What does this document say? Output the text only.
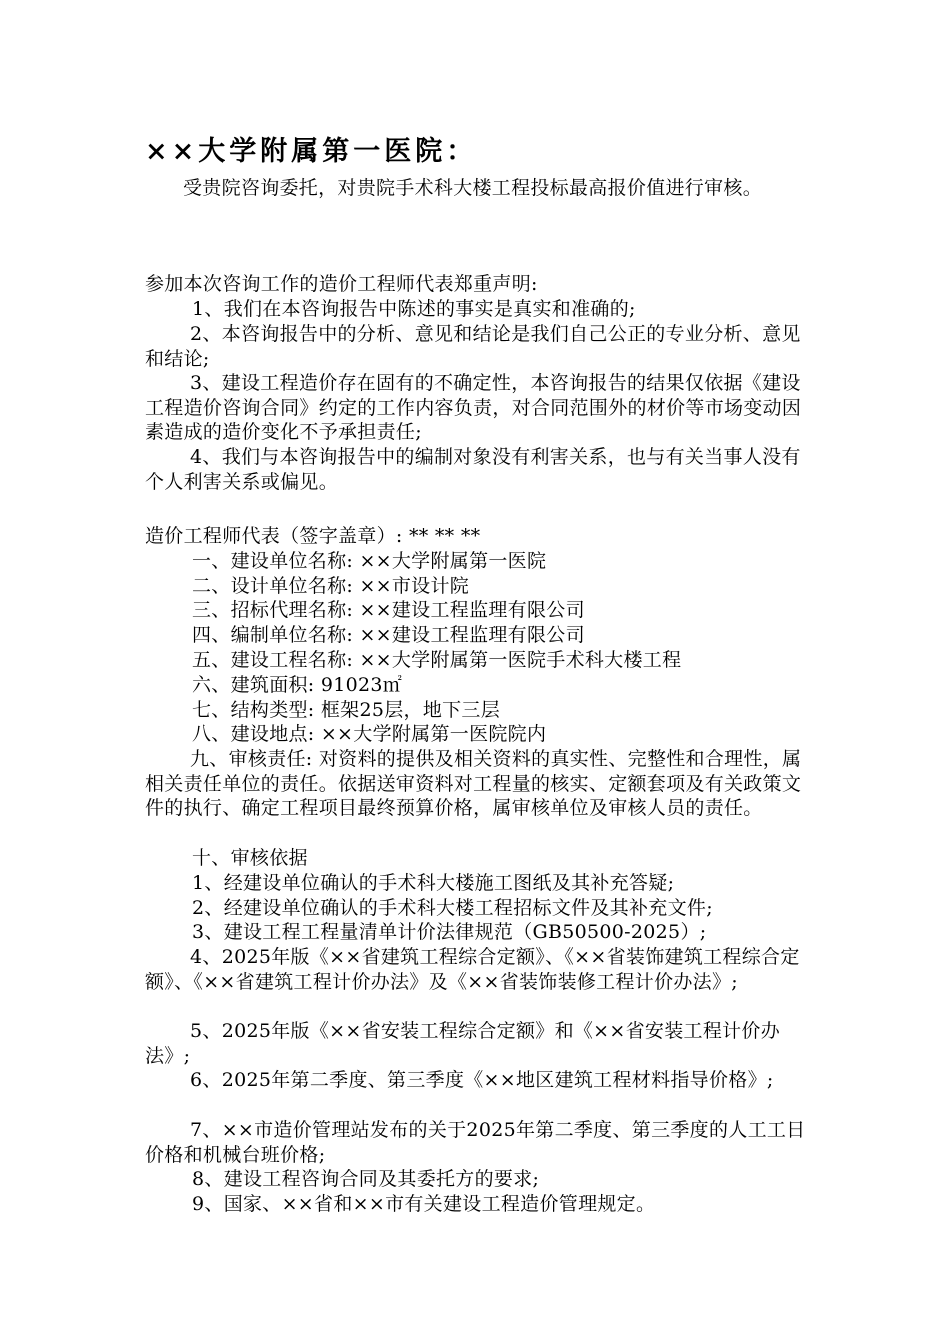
××大学附属第一医院：
受贵院咨询委托，对贵院手术科大楼工程投标最高报价值进行审核。
参加本次咨询工作的造价工程师代表郑重声明:
1、我们在本咨询报告中陈述的事实是真实和准确的;
2、本咨询报告中的分析、意见和结论是我们自己公正的专业分析、意见和结论;
3、建设工程造价存在固有的不确定性，本咨询报告的结果仅依据《建设工程造价咨询合同》约定的工作内容负责，对合同范围外的材价等市场变动因素造成的造价变化不予承担责任;
4、我们与本咨询报告中的编制对象没有利害关系，也与有关当事人没有个人利害关系或偏见。
造价工程师代表（签字盖章）: ** ** **
一、建设单位名称: ××大学附属第一医院
二、设计单位名称: ××市设计院
三、招标代理名称: ××建设工程监理有限公司
四、编制单位名称: ××建设工程监理有限公司
五、建设工程名称: ××大学附属第一医院手术科大楼工程
六、建筑面积: 91023㎡
七、结构类型: 框架25层，地下三层
八、建设地点: ××大学附属第一医院院内
九、审核责任: 对资料的提供及相关资料的真实性、完整性和合理性，属相关责任单位的责任。依据送审资料对工程量的核实、定额套项及有关政策文件的执行、确定工程项目最终预算价格，属审核单位及审核人员的责任。
十、审核依据
1、经建设单位确认的手术科大楼施工图纸及其补充答疑;
2、经建设单位确认的手术科大楼工程招标文件及其补充文件;
3、建设工程工程量清单计价法律规范（GB50500-2025）;
4、2025年版《××省建筑工程综合定额》、《××省装饰建筑工程综合定额》、《××省建筑工程计价办法》及《××省装饰装修工程计价办法》;
5、2025年版《××省安装工程综合定额》和《××省安装工程计价办法》;
6、2025年第二季度、第三季度《××地区建筑工程材料指导价格》;
7、××市造价管理站发布的关于2025年第二季度、第三季度的人工工日价格和机械台班价格;
8、建设工程咨询合同及其委托方的要求;
9、国家、××省和××市有关建设工程造价管理规定。
